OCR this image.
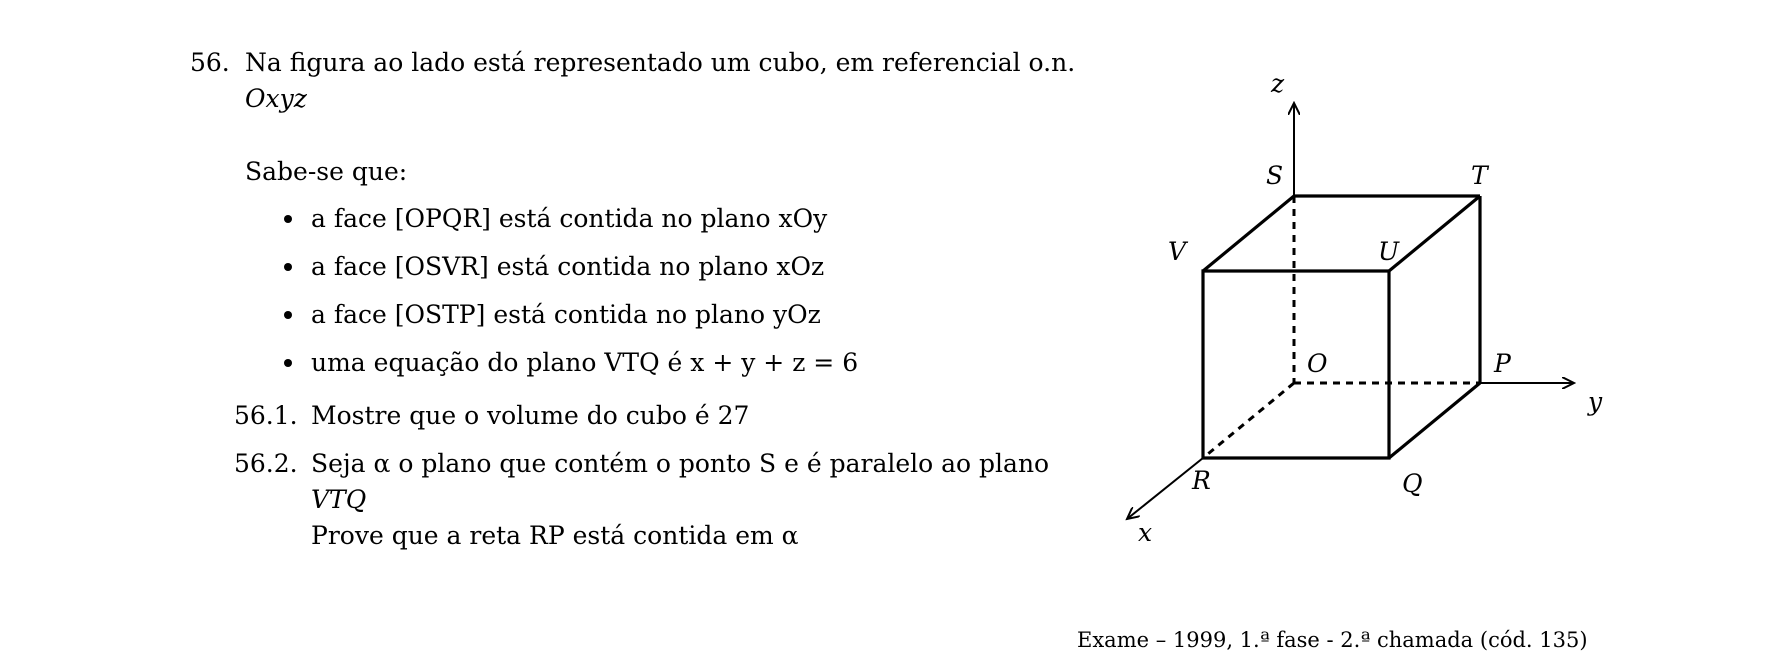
56. Na figura ao lado está representado um cubo, em referencial o.n.
Oxyz
Sabe-se que:
a face [OPQR] está contida no plano xOy
a face [OSVR] está contida no plano xOz
a face [OSTP] está contida no plano yOz
uma equação do plano VTQ é x + y + z = 6
56.1. Mostre que o volume do cubo é 27
56.2. Seja α o plano que contém o ponto S e é paralelo ao plano
VTQ
Prove que a reta RP está contida em α
z
y
x
S	T
V	U
O	P
R	Q
Exame – 1999, 1.ª fase - 2.ª chamada (cód. 135)
